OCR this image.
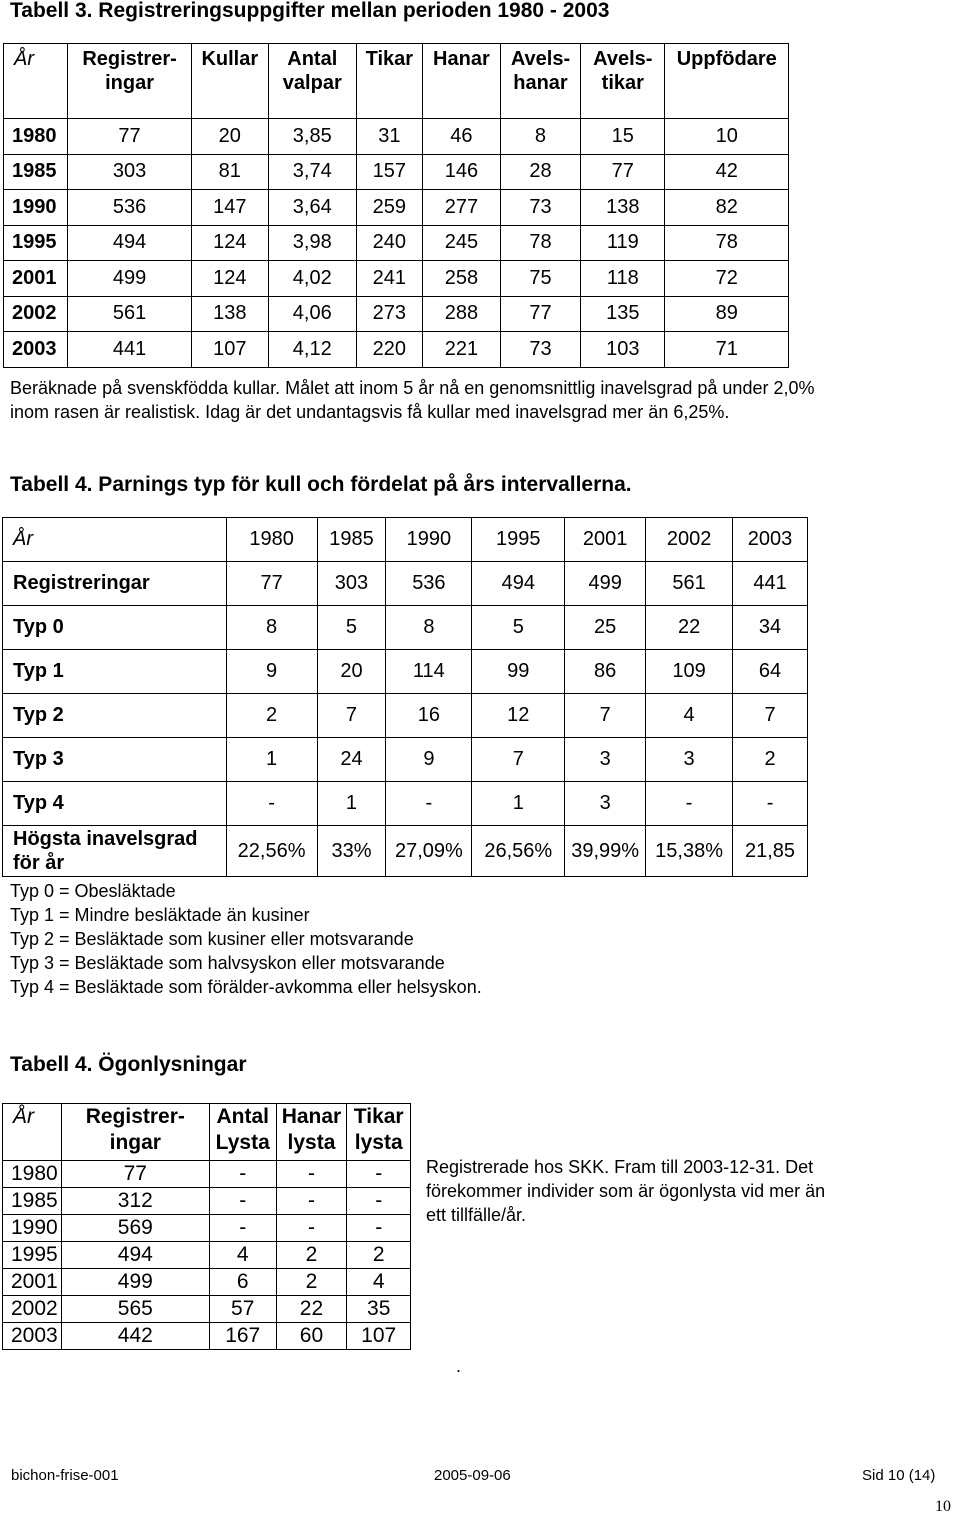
Tabell 3. Registreringsuppgifter mellan perioden 1980 - 2003
År	Registrer-ingar	Kullar	Antal valpar	Tikar	Hanar	Avels-hanar	Avels-tikar	Uppfödare
1980	77	20	3,85	31	46	8	15	10
1985	303	81	3,74	157	146	28	77	42
1990	536	147	3,64	259	277	73	138	82
1995	494	124	3,98	240	245	78	119	78
2001	499	124	4,02	241	258	75	118	72
2002	561	138	4,06	273	288	77	135	89
2003	441	107	4,12	220	221	73	103	71
Beräknade på svenskfödda kullar. Målet att inom 5 år nå en genomsnittlig inavelsgrad på under 2,0% inom rasen är realistisk. Idag är det undantagsvis få kullar med inavelsgrad mer än 6,25%.
Tabell 4. Parnings typ för kull och fördelat på års intervallerna.
År	1980	1985	1990	1995	2001	2002	2003
Registreringar	77	303	536	494	499	561	441
Typ 0	8	5	8	5	25	22	34
Typ 1	9	20	114	99	86	109	64
Typ 2	2	7	16	12	7	4	7
Typ 3	1	24	9	7	3	3	2
Typ 4	-	1	-	1	3	-	-
Högsta inavelsgrad för år	22,56%	33%	27,09%	26,56%	39,99%	15,38%	21,85
Typ 0 = Obesläktade
Typ 1 = Mindre besläktade än kusiner
Typ 2 = Besläktade som kusiner eller motsvarande
Typ 3 = Besläktade som halvsyskon eller motsvarande
Typ 4 = Besläktade som förälder-avkomma eller helsyskon.
Tabell 4. Ögonlysningar
År	Registrer-ingar	Antal Lysta	Hanar lysta	Tikar lysta
1980	77	-	-	-
1985	312	-	-	-
1990	569	-	-	-
1995	494	4	2	2
2001	499	6	2	4
2002	565	57	22	35
2003	442	167	60	107
Registrerade hos SKK. Fram till 2003-12-31. Det förekommer individer som är ögonlysta vid mer än ett tillfälle/år.
.
bichon-frise-001	2005-09-06	Sid 10 (14)
10
